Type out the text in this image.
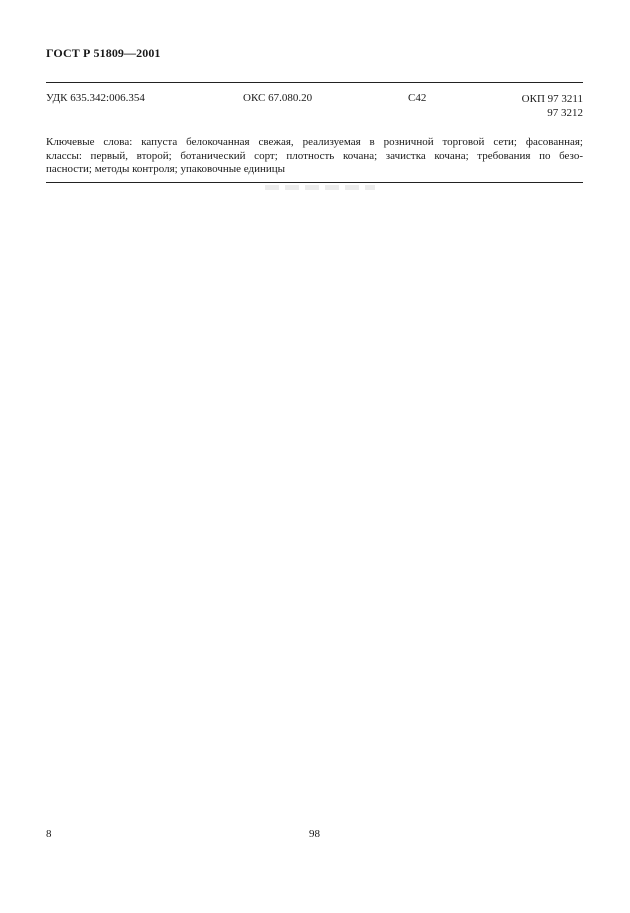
ГОСТ Р 51809—2001
УДК 635.342:006.354	ОКС 67.080.20	С42	ОКП 97 3211
97 3212
Ключевые слова: капуста белокочанная свежая, реализуемая в розничной торговой сети; фасованная;
классы: первый, второй; ботанический сорт; плотность кочана; зачистка кочана; требования по безо-
пасности; методы контроля; упаковочные единицы
8	98
